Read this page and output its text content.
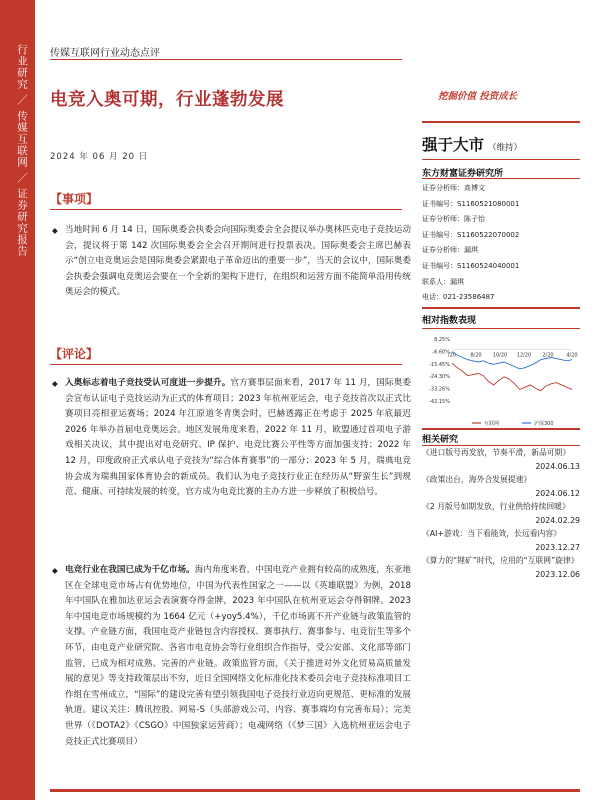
行业研究 ／ 传媒互联网 ／ 证券研究报告 传媒互联网行业动态点评
电竞入奥可期，行业蓬勃发展	挖掘价值 投资成长
2024 年 06 月 20 日
【事项】
◆ 当地时间 6 月 14 日，国际奥委会执委会向国际奥委会全会提议举办奥林匹克电子竞技运动会，提议将于第 142 次国际奥委会全会召开期间进行投票表决。国际奥委会主席巴赫表示“创立电竞奥运会是国际奥委会紧跟电子革命迈出的重要一步”，当天的会议中，国际奥委会执委会强调电竞奥运会要在一个全新的架构下进行，在组织和运营方面不能简单沿用传统奥运会的模式。
【评论】
◆ 入奥标志着电子竞技受认可度进一步提升。官方赛事层面来看，2017 年 11 月，国际奥委会宣布认证电子竞技运动为正式的体育项目；2023 年杭州亚运会，电子竞技首次以正式比赛项目亮相亚运赛场；2024 年江原道冬青奥会时，巴赫透露正在考虑于 2025 年底最迟 2026 年举办首届电竞奥运会。地区发展角度来看，2022 年 11 月，欧盟通过首项电子游戏相关决议，其中提出对电竞研究、IP 保护、电竞比赛公平性等方面加强支持；2022 年 12 月，印度政府正式承认电子竞技为“综合体育赛事”的一部分；2023 年 5 月，瑞典电竞协会成为瑞典国家体育协会的新成员。我们认为电子竞技行业正在经历从“野蛮生长”到规范、健康、可持续发展的转变，官方成为电竞比赛的主办方进一步释放了积极信号。
◆ 电竞行业在我国已成为千亿市场。海内角度来看，中国电竞产业拥有较高的成熟度，东亚地区在全球电竞市场占有优势地位，中国为代表性国家之一——以《英雄联盟》为例，2018 年中国队在雅加达亚运会表演赛夺得金牌，2023 年中国队在杭州亚运会夺得铜牌。2023 年中国电竞市场规模约为 1664 亿元（+yoy5.4%），千亿市场离不开产业链与政策监管的支撑。产业链方面，我国电竞产业链包含内容授权、赛事执行、赛事参与、电竞衍生等多个环节，由电竞产业研究院、各省市电竞协会等行业组织合作指导，受公安部、文化部等部门监管，已成为相对成熟、完善的产业链。政策监管方面，《关于推进对外文化贸易高质量发展的意见》等支持政策层出不穷，近日全国网络文化标准化技术委员会电子竞技标准项目工作组在雪州成立，“国际”的建设完善有望引领我国电子竞技行业迈向更规范、更标准的发展轨道。建议关注：腾讯控股、网易-S（头部游戏公司，内容、赛事端均有完善布局）；完美世界（《DOTA2》《CSGO》中国独家运营商）；电魂网络（《梦三国》入选杭州亚运会电子竞技正式比赛项目）
强于大市 （维持）
东方财富证券研究所
证券分析师：高博文
证书编号：S1160521080001
证券分析师：陈子怡
证书编号：S1160522070002
证券分析师：漏琪
证书编号：S1160524040001
联系人：漏琪
电话：021-23586487
相对指数表现
8.25%
-6.60%
-15.45%
-24.30%
-33.26%
-42.15%
/20	8/20 10/20 12/20 2/20	4/20
互联网	沪深300
相关研究
《进口版号再发放，节奏平滑，新品可期》
2024.06.13
《政策出台，海外合发展提速》
2024.06.12
《2 月版号如期发放，行业供给持续回暖》
2024.02.29
《AI+游戏：当下看能效，长远看内容》
2023.12.27
《算力的“锂矿”时代，应用的“互联网”旋律》
2023.12.06
